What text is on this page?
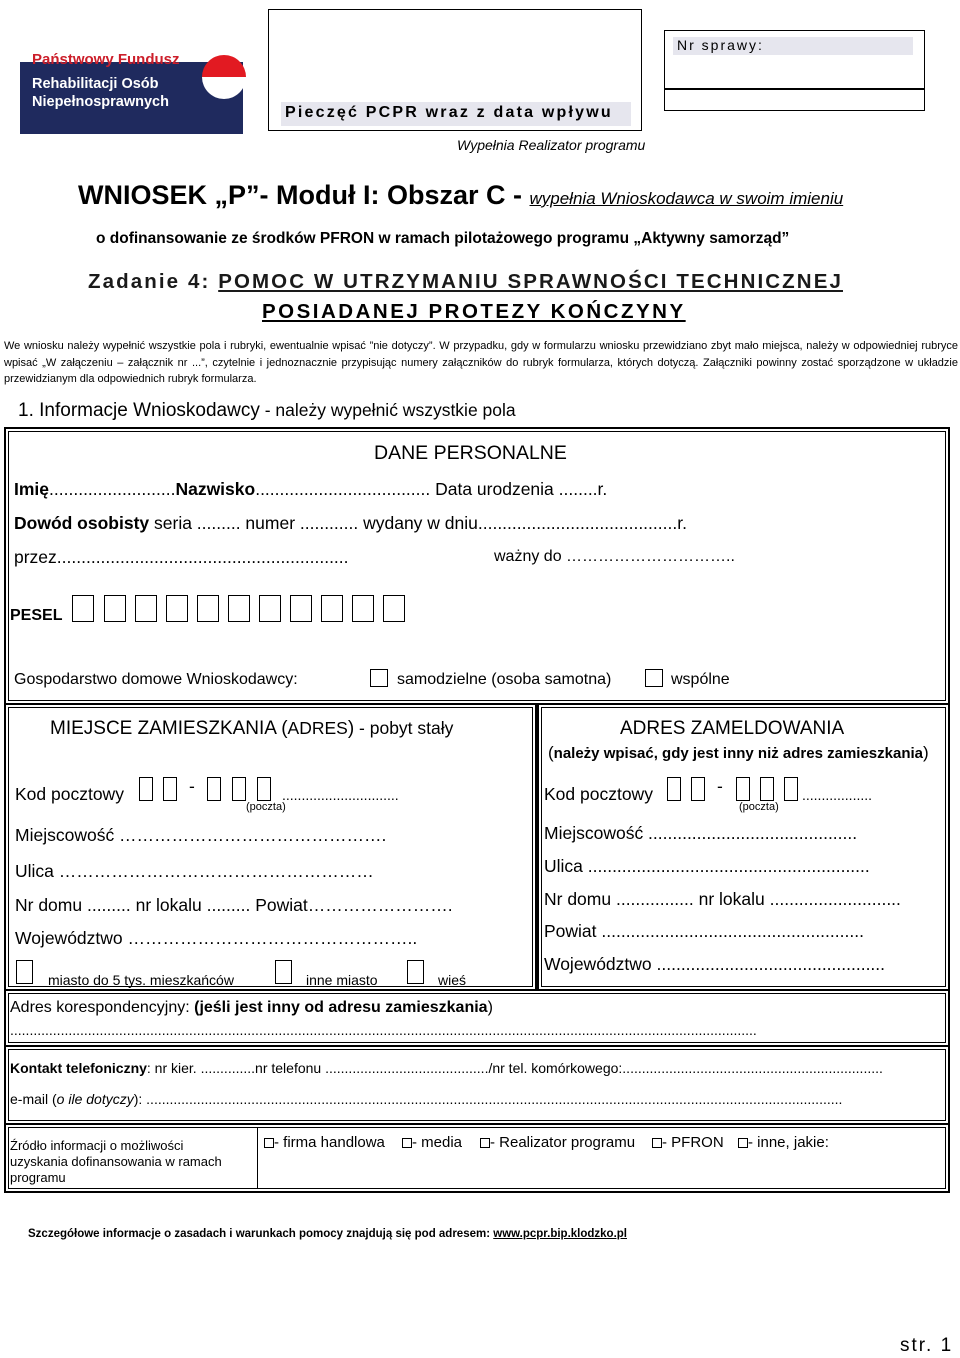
Państwowy Fundusz
Rehabilitacji Osób
Niepełnosprawnych
Pieczęć PCPR wraz z data wpływu
Nr sprawy:
Wypełnia Realizator programu
WNIOSEK „P”- Moduł I: Obszar C - wypełnia Wnioskodawca w swoim imieniu
o dofinansowanie ze środków PFRON w ramach pilotażowego programu „Aktywny samorząd”
Zadanie 4: POMOC W UTRZYMANIU SPRAWNOŚCI TECHNICZNEJ
POSIADANEJ PROTEZY KOŃCZYNY
We wniosku należy wypełnić wszystkie pola i rubryki, ewentualnie wpisać ”nie dotyczy”. W przypadku, gdy w formularzu wniosku przewidziano zbyt mało miejsca, należy w odpowiedniej rubryce wpisać „W załączeniu – załącznik nr ...”, czytelnie i jednoznacznie przypisując numery załączników do rubryk formularza, których dotyczą. Załączniki powinny zostać sporządzone w układzie przewidzianym dla odpowiednich rubryk formularza.
1. Informacje Wnioskodawcy - należy wypełnić wszystkie pola
DANE PERSONALNE
Imię..........................Nazwisko.................................... Data urodzenia ........r.
Dowód osobisty seria ......... numer ............ wydany w dniu.........................................r.
przez............................................................	ważny do …………………………..
PESEL
Gospodarstwo domowe Wnioskodawcy:	samodzielne (osoba samotna)	wspólne
MIEJSCE ZAMIESZKANIA (ADRES) - pobyt stały
Kod pocztowy	-	..............................
(poczta)
Miejscowość ……………………………………….
Ulica ………………………………………………
Nr domu ......... nr lokalu ......... Powiat…………………….
Województwo …………………………………………..
miasto do 5 tys. mieszkańców	inne miasto	wieś
ADRES ZAMELDOWANIA
(należy wpisać, gdy jest inny niż adres zamieszkania)
Kod pocztowy	-	..................
(poczta)
Miejscowość ...........................................
Ulica ..........................................................
Nr domu ................ nr lokalu ...........................
Powiat ......................................................
Województwo ...............................................
Adres korespondencyjny: (jeśli jest inny od adresu zamieszkania)
................................................................................................................................................................................................
Kontakt telefoniczny: nr kier. ..............nr telefonu ........................................../nr tel. komórkowego:...................................................................
e-mail (o ile dotyczy): ...................................................................................................................................................................................
Źródło informacji o możliwości
uzyskania dofinansowania w ramach
programu
- firma handlowa - media - Realizator programu - PFRON - inne, jakie:
Szczegółowe informacje o zasadach i warunkach pomocy znajdują się pod adresem: www.pcpr.bip.klodzko.pl
str. 1
